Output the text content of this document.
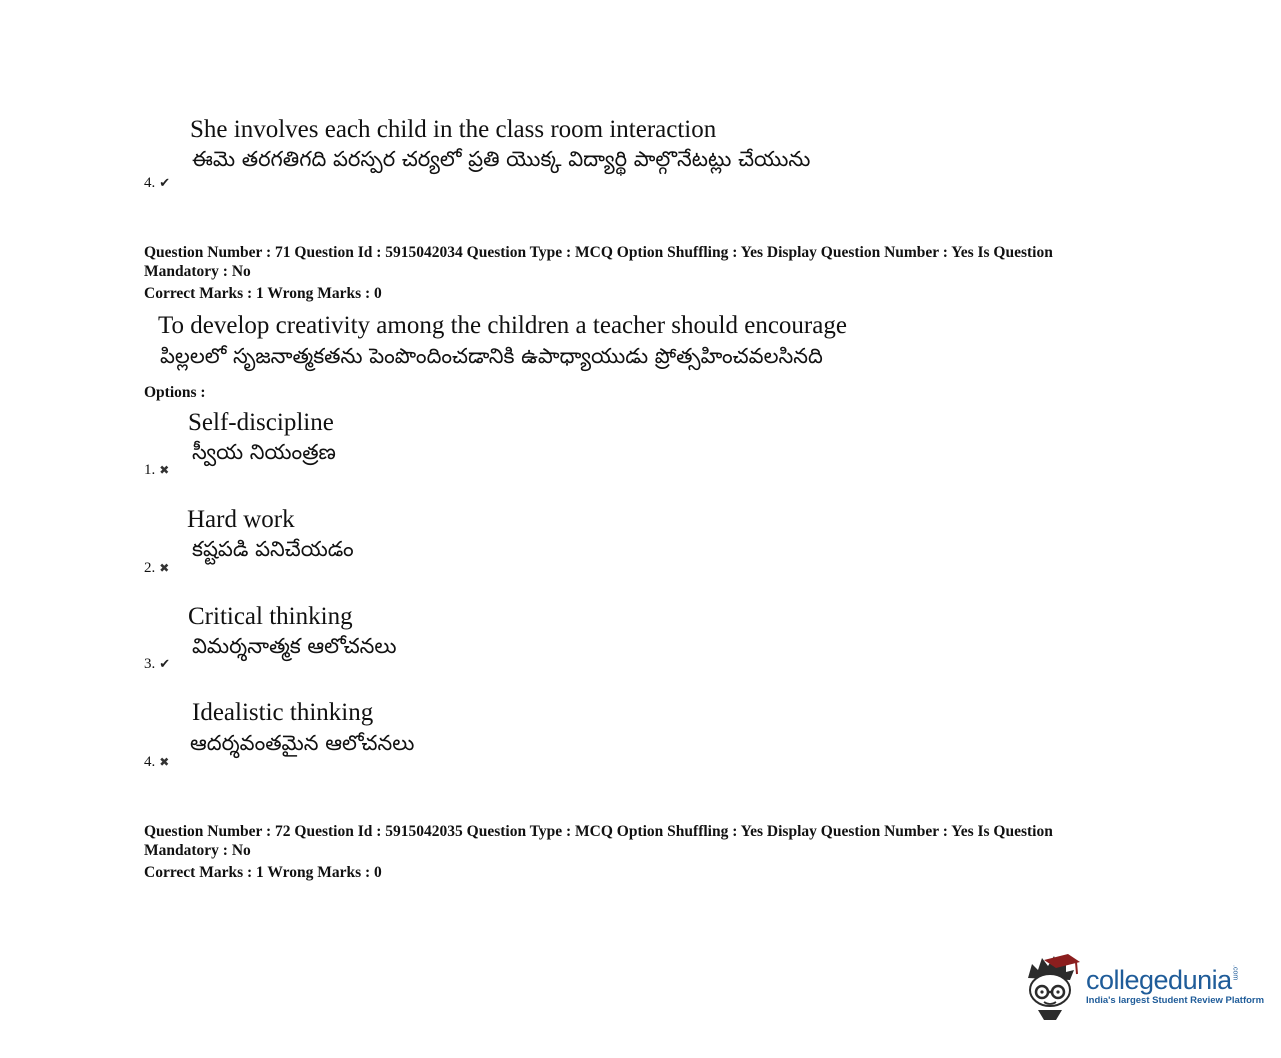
She involves each child in the class room interaction
ఈమె తరగతిగది పరస్పర చర్యలో ప్రతి యొక్క విద్యార్థి పాల్గొనేటట్లు చేయును
4. ✔
Question Number : 71 Question Id : 5915042034 Question Type : MCQ Option Shuffling : Yes Display Question Number : Yes Is Question
Mandatory : No
Correct Marks : 1 Wrong Marks : 0
To develop creativity among the children a teacher should encourage
పిల్లలలో సృజనాత్మకతను పెంపొందించడానికి ఉపాధ్యాయుడు ప్రోత్సహించవలసినది
Options :
Self-discipline
స్వీయ నియంత్రణ
1. ✖
Hard work
కష్టపడి పనిచేయడం
2. ✖
Critical thinking
విమర్శనాత్మక ఆలోచనలు
3. ✔
Idealistic thinking
ఆదర్శవంతమైన ఆలోచనలు
4. ✖
Question Number : 72 Question Id : 5915042035 Question Type : MCQ Option Shuffling : Yes Display Question Number : Yes Is Question
Mandatory : No
Correct Marks : 1 Wrong Marks : 0
collegedunia.com
India's largest Student Review Platform
